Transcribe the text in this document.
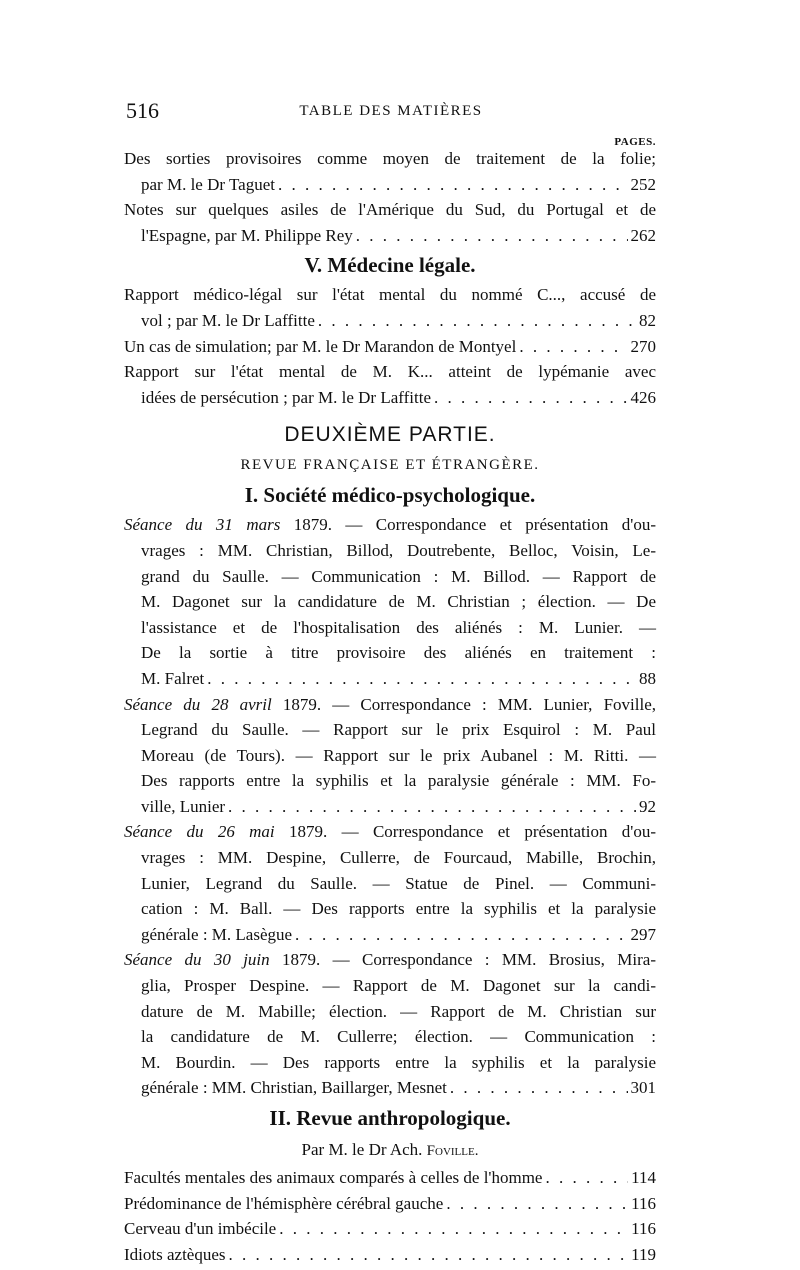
516	TABLE DES MATIÈRES
PAGES.
Des sorties provisoires comme moyen de traitement de la folie;
par M. le Dr Taguet . . .	252
Notes sur quelques asiles de l'Amérique du Sud, du Portugal et de
l'Espagne, par M. Philippe Rey . . .	262
V. Médecine légale.
Rapport médico-légal sur l'état mental du nommé C..., accusé de
vol ; par M. le Dr Laffitte . . .	82
Un cas de simulation; par M. le Dr Marandon de Montyel . . .	270
Rapport sur l'état mental de M. K... atteint de lypémanie avec
idées de persécution ; par M. le Dr Laffitte . . .	426
DEUXIÈME PARTIE.
REVUE FRANÇAISE ET ÉTRANGÈRE.
I. Société médico-psychologique.
Séance du 31 mars 1879. — Correspondance et présentation d'ou-
vrages : MM. Christian, Billod, Doutrebente, Belloc, Voisin, Le-
grand du Saulle. — Communication : M. Billod. — Rapport de
M. Dagonet sur la candidature de M. Christian ; élection. — De
l'assistance et de l'hospitalisation des aliénés : M. Lunier. —
De la sortie à titre provisoire des aliénés en traitement :
M. Falret . . .	88
Séance du 28 avril 1879. — Correspondance : MM. Lunier, Foville,
Legrand du Saulle. — Rapport sur le prix Esquirol : M. Paul
Moreau (de Tours). — Rapport sur le prix Aubanel : M. Ritti. —
Des rapports entre la syphilis et la paralysie générale : MM. Fo-
ville, Lunier . . .	92
Séance du 26 mai 1879. — Correspondance et présentation d'ou-
vrages : MM. Despine, Cullerre, de Fourcaud, Mabille, Brochin,
Lunier, Legrand du Saulle. — Statue de Pinel. — Communi-
cation : M. Ball. — Des rapports entre la syphilis et la paralysie
générale : M. Lasègue . . .	297
Séance du 30 juin 1879. — Correspondance : MM. Brosius, Mira-
glia, Prosper Despine. — Rapport de M. Dagonet sur la candi-
dature de M. Mabille; élection. — Rapport de M. Christian sur
la candidature de M. Cullerre; élection. — Communication :
M. Bourdin. — Des rapports entre la syphilis et la paralysie
générale : MM. Christian, Baillarger, Mesnet . . .	301
II. Revue anthropologique.
Par M. le Dr Ach. Foville.
Facultés mentales des animaux comparés à celles de l'homme . . .	114
Prédominance de l'hémisphère cérébral gauche . . .	116
Cerveau d'un imbécile . . .	116
Idiots aztèques . . .	119
